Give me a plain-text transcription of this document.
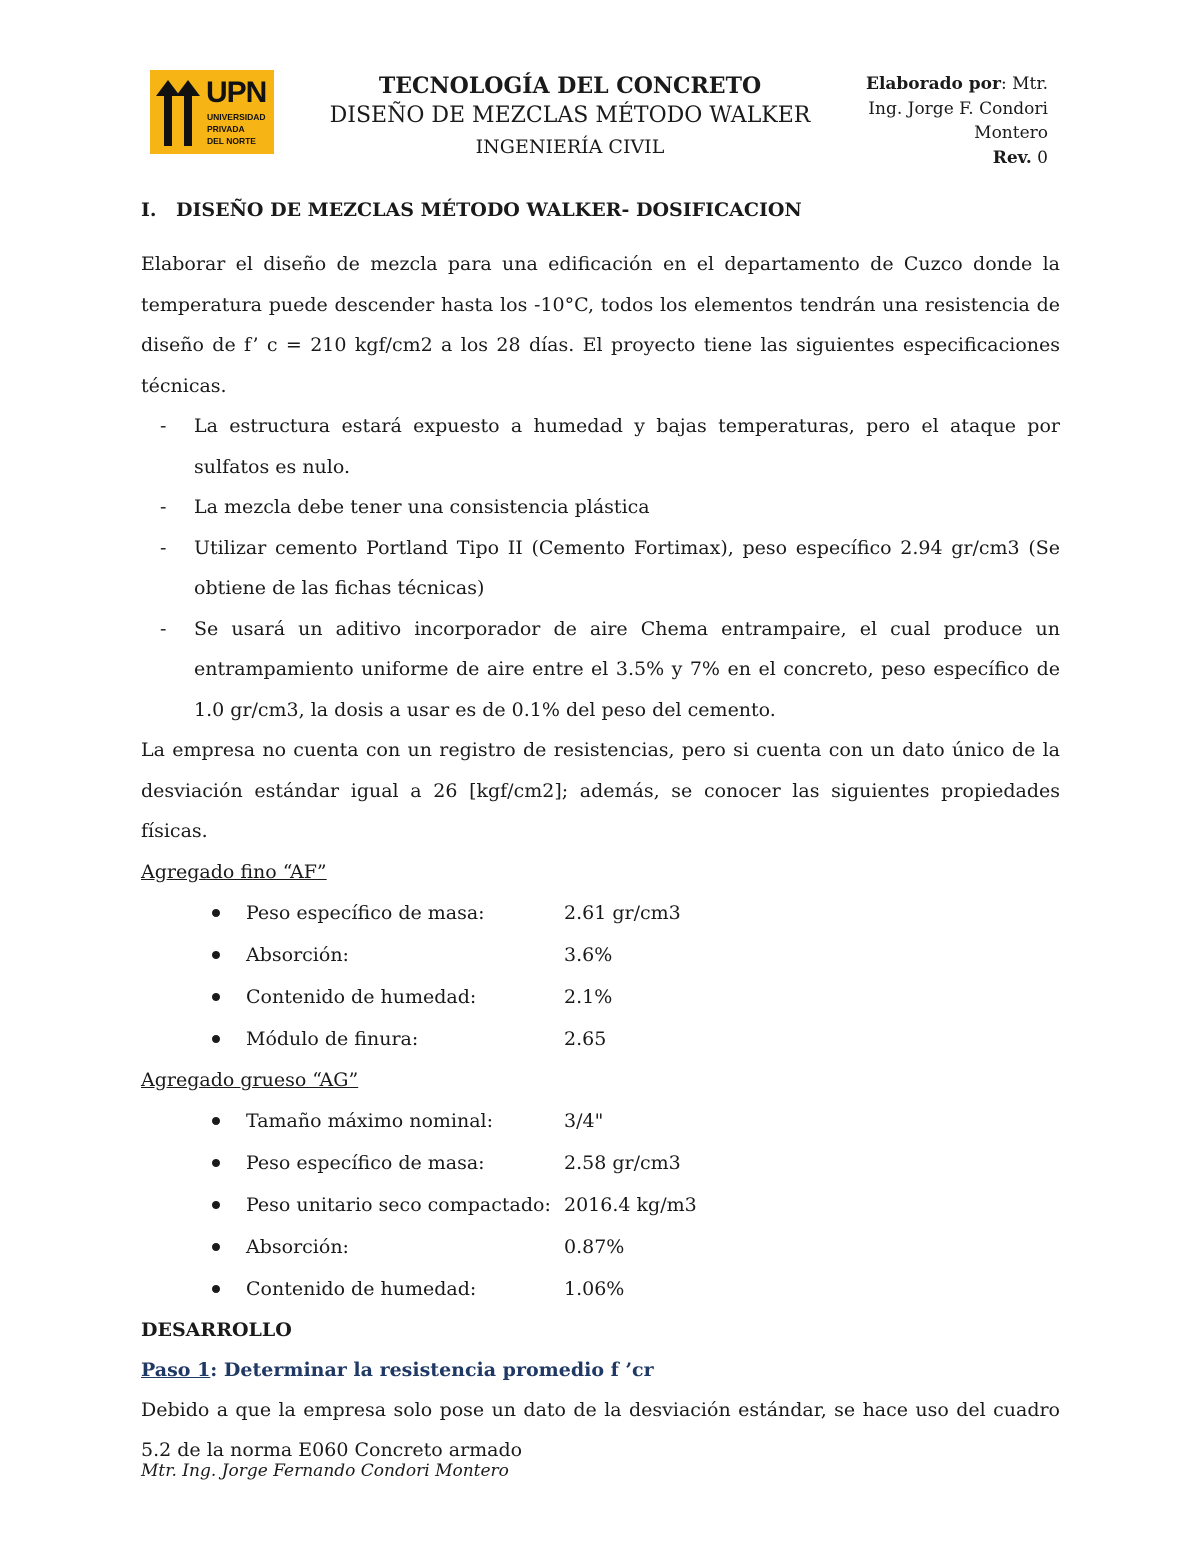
UPN
UNIVERSIDAD
PRIVADA
DEL NORTE
TECNOLOGÍA DEL CONCRETO
DISEÑO DE MEZCLAS MÉTODO WALKER
INGENIERÍA CIVIL
Elaborado por: Mtr.
Ing. Jorge F. Condori
Montero
Rev. 0
I.	DISEÑO DE MEZCLAS MÉTODO WALKER- DOSIFICACION
Elaborar el diseño de mezcla para una edificación en el departamento de Cuzco donde la temperatura puede descender hasta los -10°C, todos los elementos tendrán una resistencia de diseño de f’ c = 210 kgf/cm2 a los 28 días. El proyecto tiene las siguientes especificaciones técnicas.
- La estructura estará expuesto a humedad y bajas temperaturas, pero el ataque por sulfatos es nulo.
- La mezcla debe tener una consistencia plástica
- Utilizar cemento Portland Tipo II (Cemento Fortimax), peso específico 2.94 gr/cm3 (Se obtiene de las fichas técnicas)
- Se usará un aditivo incorporador de aire Chema entrampaire, el cual produce un entrampamiento uniforme de aire entre el 3.5% y 7% en el concreto, peso específico de 1.0 gr/cm3, la dosis a usar es de 0.1% del peso del cemento.
La empresa no cuenta con un registro de resistencias, pero si cuenta con un dato único de la desviación estándar igual a 26 [kgf/cm2]; además, se conocer las siguientes propiedades físicas.
Agregado fino “AF”
Peso específico de masa:	2.61 gr/cm3
Absorción:	3.6%
Contenido de humedad:	2.1%
Módulo de finura:	2.65
Agregado grueso “AG”
Tamaño máximo nominal:	3/4"
Peso específico de masa:	2.58 gr/cm3
Peso unitario seco compactado: 2016.4 kg/m3
Absorción:	0.87%
Contenido de humedad:	1.06%
DESARROLLO
Paso 1: Determinar la resistencia promedio f ’cr
Debido a que la empresa solo pose un dato de la desviación estándar, se hace uso del cuadro 5.2 de la norma E060 Concreto armado
Mtr. Ing. Jorge Fernando Condori Montero
